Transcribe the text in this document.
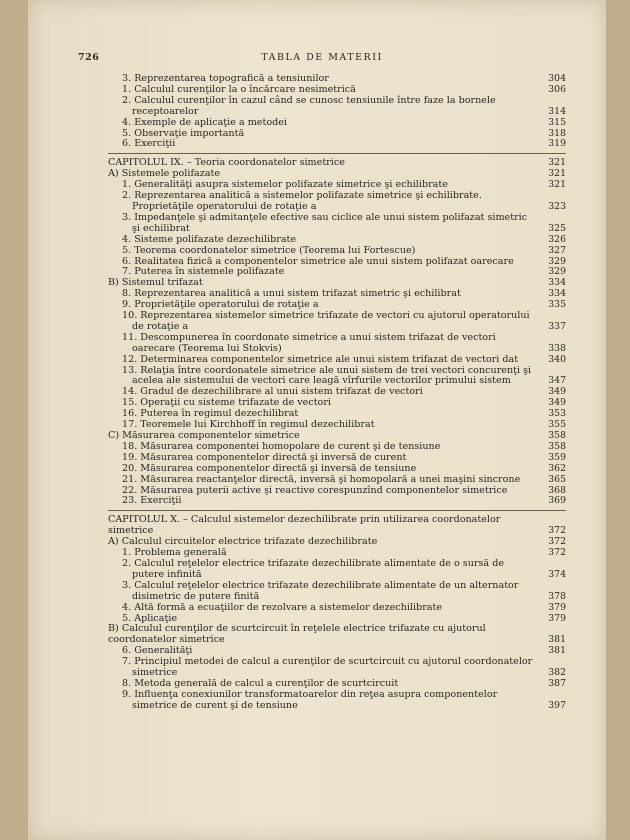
726	TABLA DE MATERII
3. Reprezentarea topografică a tensiunilor	304
1. Calculul curenţilor la o încărcare nesimetrică	306
2. Calculul curenţilor în cazul când se cunosc tensiunile între faze la bornele receptoarelor	314
4. Exemple de aplicaţie a metodei	315
5. Observaţie importantă	318
6. Exerciţii	319
CAPITOLUL IX. – Teoria coordonatelor simetrice	321
A) Sistemele polifazate	321
1. Generalităţi asupra sistemelor polifazate simetrice şi echilibrate	321
2. Reprezentarea analitică a sistemelor polifazate simetrice şi echilibrate. Proprietăţile operatorului de rotaţie a	323
3. Impedanţele şi admitanţele efective sau ciclice ale unui sistem polifazat simetric şi echilibrat	325
4. Sisteme polifazate dezechilibrate	326
5. Teorema coordonatelor simetrice (Teorema lui Fortescue)	327
6. Realitatea fizică a componentelor simetrice ale unui sistem polifazat oarecare	329
7. Puterea în sistemele polifazate	329
B) Sistemul trifazat	334
8. Reprezentarea analitică a unui sistem trifazat simetric şi echilibrat	334
9. Proprietăţile operatorului de rotaţie a	335
10. Reprezentarea sistemelor simetrice trifazate de vectori cu ajutorul operatorului de rotaţie a	337
11. Descompunerea în coordonate simetrice a unui sistem trifazat de vectori oarecare (Teorema lui Stokvis)	338
12. Determinarea componentelor simetrice ale unui sistem trifazat de vectori dat	340
13. Relaţia între coordonatele simetrice ale unui sistem de trei vectori concurenţi şi acelea ale sistemului de vectori care leagă vîrfurile vectorilor primului sistem	347
14. Gradul de dezechilibrare al unui sistem trifazat de vectori	349
15. Operaţii cu sisteme trifazate de vectori	349
16. Puterea în regimul dezechilibrat	353
17. Teoremele lui Kirchhoff în regimul dezechilibrat	355
C) Măsurarea componentelor simetrice	358
18. Măsurarea componentei homopolare de curent şi de tensiune	358
19. Măsurarea componentelor directă şi inversă de curent	359
20. Măsurarea componentelor directă şi inversă de tensiune	362
21. Măsurarea reactanţelor directă, inversă şi homopolară a unei maşini sincrone	365
22. Măsurarea puterii active şi reactive corespunzînd componentelor simetrice	368
23. Exerciţii	369
CAPITOLUL X. – Calculul sistemelor dezechilibrate prin utilizarea coordonatelor simetrice	372
A) Calculul circuitelor electrice trifazate dezechilibrate	372
1. Problema generală	372
2. Calculul reţelelor electrice trifazate dezechilibrate alimentate de o sursă de putere infinită	374
3. Calculul reţelelor electrice trifazate dezechilibrate alimentate de un alternator disimetric de putere finită	378
4. Altă formă a ecuaţiilor de rezolvare a sistemelor dezechilibrate	379
5. Aplicaţie	379
B) Calculul curenţilor de scurtcircuit în reţelele electrice trifazate cu ajutorul coordonatelor simetrice	381
6. Generalităţi	381
7. Principiul metodei de calcul a curenţilor de scurtcircuit cu ajutorul coordonatelor simetrice	382
8. Metoda generală de calcul a curenţilor de scurtcircuit	387
9. Influenţa conexiunilor transformatoarelor din reţea asupra componentelor simetrice de curent şi de tensiune	397
